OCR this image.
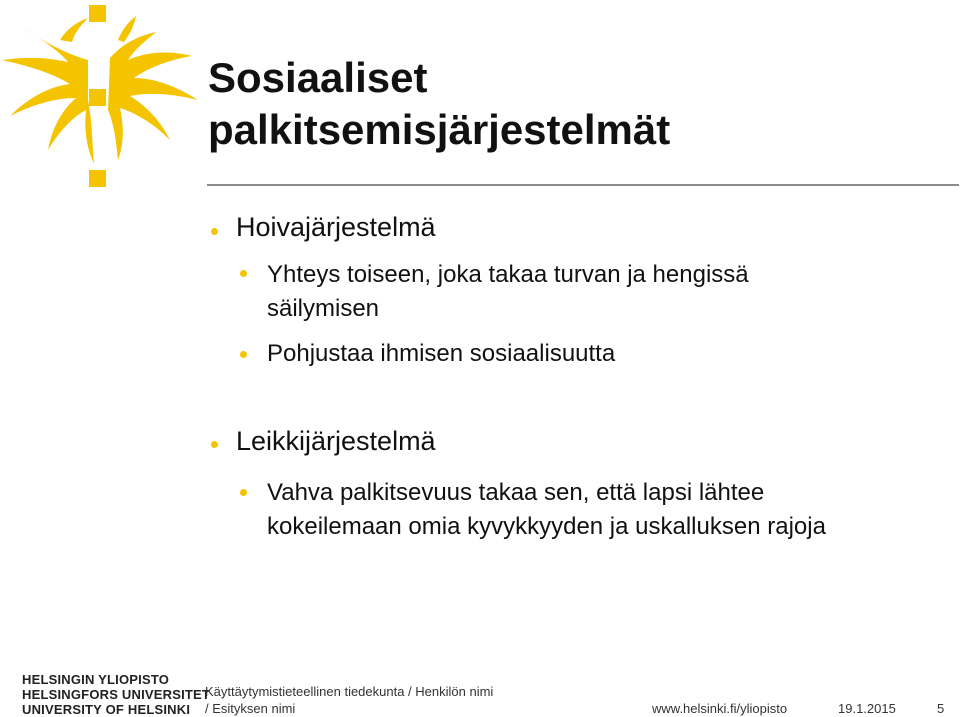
Sosiaaliset
palkitsemisjärjestelmät
Hoivajärjestelmä
Yhteys toiseen, joka takaa turvan ja hengissä
säilymisen
Pohjustaa ihmisen sosiaalisuutta
Leikkijärjestelmä
Vahva palkitsevuus takaa sen, että lapsi lähtee
kokeilemaan omia kyvykkyyden ja uskalluksen rajoja
HELSINGIN YLIOPISTO
HELSINGFORS UNIVERSITET
UNIVERSITY OF HELSINKI
Käyttäytymistieteellinen tiedekunta / Henkilön nimi
/ Esityksen nimi	www.helsinki.fi/yliopisto	19.1.2015	5
